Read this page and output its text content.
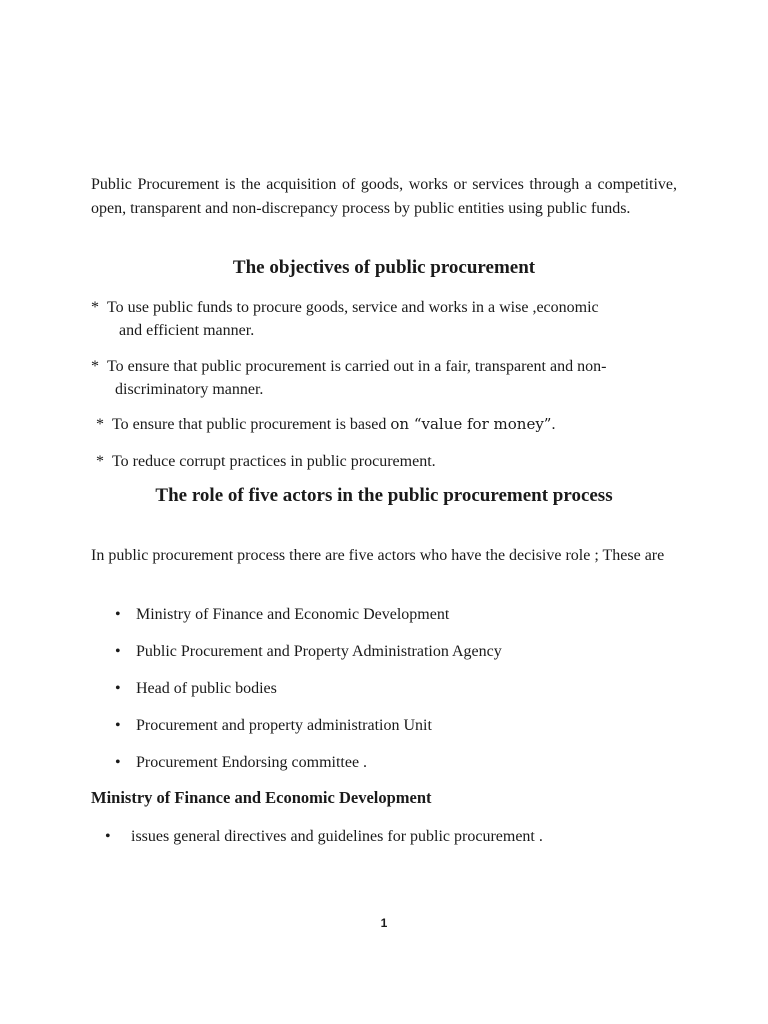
Public Procurement is the acquisition of goods, works or services through a competitive, open, transparent and non-discrepancy process by public entities using public funds.

The objectives of public procurement

* To use public funds to procure goods, service and works in a wise ,economic
and efficient manner.

* To ensure that public procurement is carried out in a fair, transparent and non-
discriminatory manner.

* To ensure that public procurement is based on “value for money”.

* To reduce corrupt practices in public procurement.

The role of five actors in the public procurement process

In public procurement process there are five actors who have the decisive role ; These are

• Ministry of Finance and Economic Development
• Public Procurement and Property Administration Agency
• Head of public bodies
• Procurement and property administration Unit
• Procurement Endorsing committee .
Ministry of Finance and Economic Development
• issues general directives and guidelines for public procurement .
1
